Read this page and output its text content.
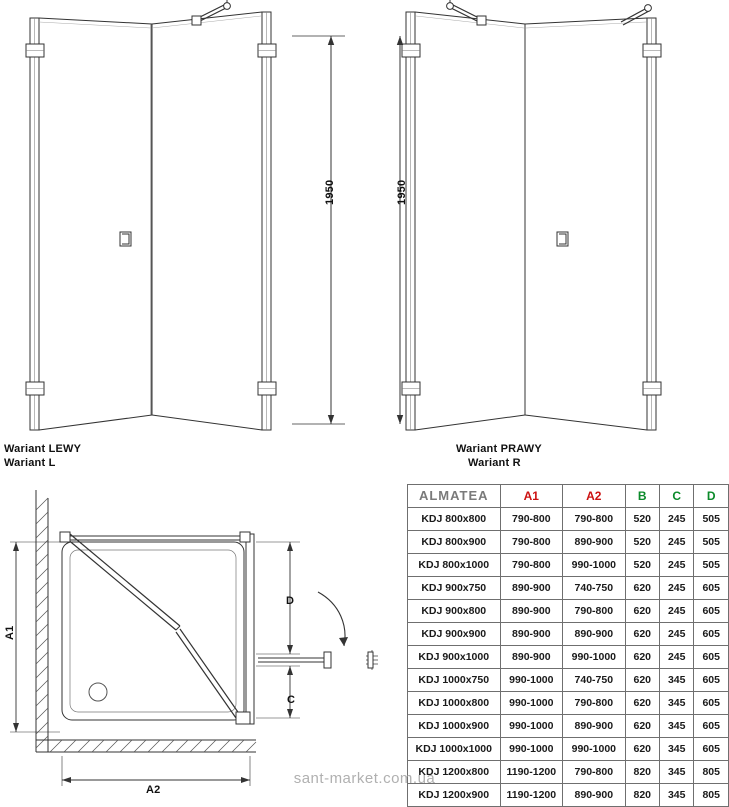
1950
Wariant LEWY
Wariant L
1950
Wariant PRAWY
Wariant R
A1
A2
D
C
ALMATEA	A1	A2	B	C	D
KDJ 800x800	790-800	790-800	520	245	505
KDJ 800x900	790-800	890-900	520	245	505
KDJ 800x1000	790-800	990-1000	520	245	505
KDJ 900x750	890-900	740-750	620	245	605
KDJ 900x800	890-900	790-800	620	245	605
KDJ 900x900	890-900	890-900	620	245	605
KDJ 900x1000	890-900	990-1000	620	245	605
KDJ 1000x750	990-1000	740-750	620	345	605
KDJ 1000x800	990-1000	790-800	620	345	605
KDJ 1000x900	990-1000	890-900	620	345	605
KDJ 1000x1000	990-1000	990-1000	620	345	605
KDJ 1200x800	1190-1200	790-800	820	345	805
KDJ 1200x900	1190-1200	890-900	820	345	805
sant-market.com.ua
